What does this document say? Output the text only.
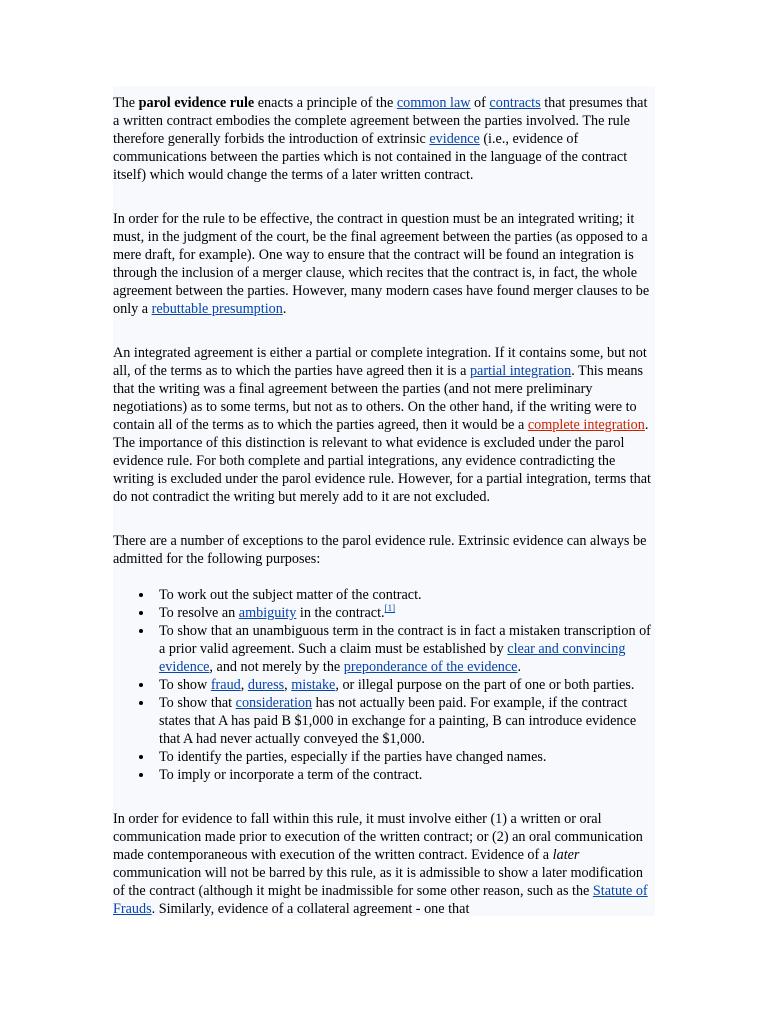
The parol evidence rule enacts a principle of the common law of contracts that presumes that a written contract embodies the complete agreement between the parties involved. The rule therefore generally forbids the introduction of extrinsic evidence (i.e., evidence of communications between the parties which is not contained in the language of the contract itself) which would change the terms of a later written contract.

In order for the rule to be effective, the contract in question must be an integrated writing; it must, in the judgment of the court, be the final agreement between the parties (as opposed to a mere draft, for example). One way to ensure that the contract will be found an integration is through the inclusion of a merger clause, which recites that the contract is, in fact, the whole agreement between the parties. However, many modern cases have found merger clauses to be only a rebuttable presumption.

An integrated agreement is either a partial or complete integration. If it contains some, but not all, of the terms as to which the parties have agreed then it is a partial integration. This means that the writing was a final agreement between the parties (and not mere preliminary negotiations) as to some terms, but not as to others. On the other hand, if the writing were to contain all of the terms as to which the parties agreed, then it would be a complete integration. The importance of this distinction is relevant to what evidence is excluded under the parol evidence rule. For both complete and partial integrations, any evidence contradicting the writing is excluded under the parol evidence rule. However, for a partial integration, terms that do not contradict the writing but merely add to it are not excluded.

There are a number of exceptions to the parol evidence rule. Extrinsic evidence can always be admitted for the following purposes:

To work out the subject matter of the contract.
To resolve an ambiguity in the contract.[1]
To show that an unambiguous term in the contract is in fact a mistaken transcription of a prior valid agreement. Such a claim must be established by clear and convincing evidence, and not merely by the preponderance of the evidence.
To show fraud, duress, mistake, or illegal purpose on the part of one or both parties.
To show that consideration has not actually been paid. For example, if the contract states that A has paid B $1,000 in exchange for a painting, B can introduce evidence that A had never actually conveyed the $1,000.
To identify the parties, especially if the parties have changed names.
To imply or incorporate a term of the contract.

In order for evidence to fall within this rule, it must involve either (1) a written or oral communication made prior to execution of the written contract; or (2) an oral communication made contemporaneous with execution of the written contract. Evidence of a later communication will not be barred by this rule, as it is admissible to show a later modification of the contract (although it might be inadmissible for some other reason, such as the Statute of Frauds. Similarly, evidence of a collateral agreement - one that
